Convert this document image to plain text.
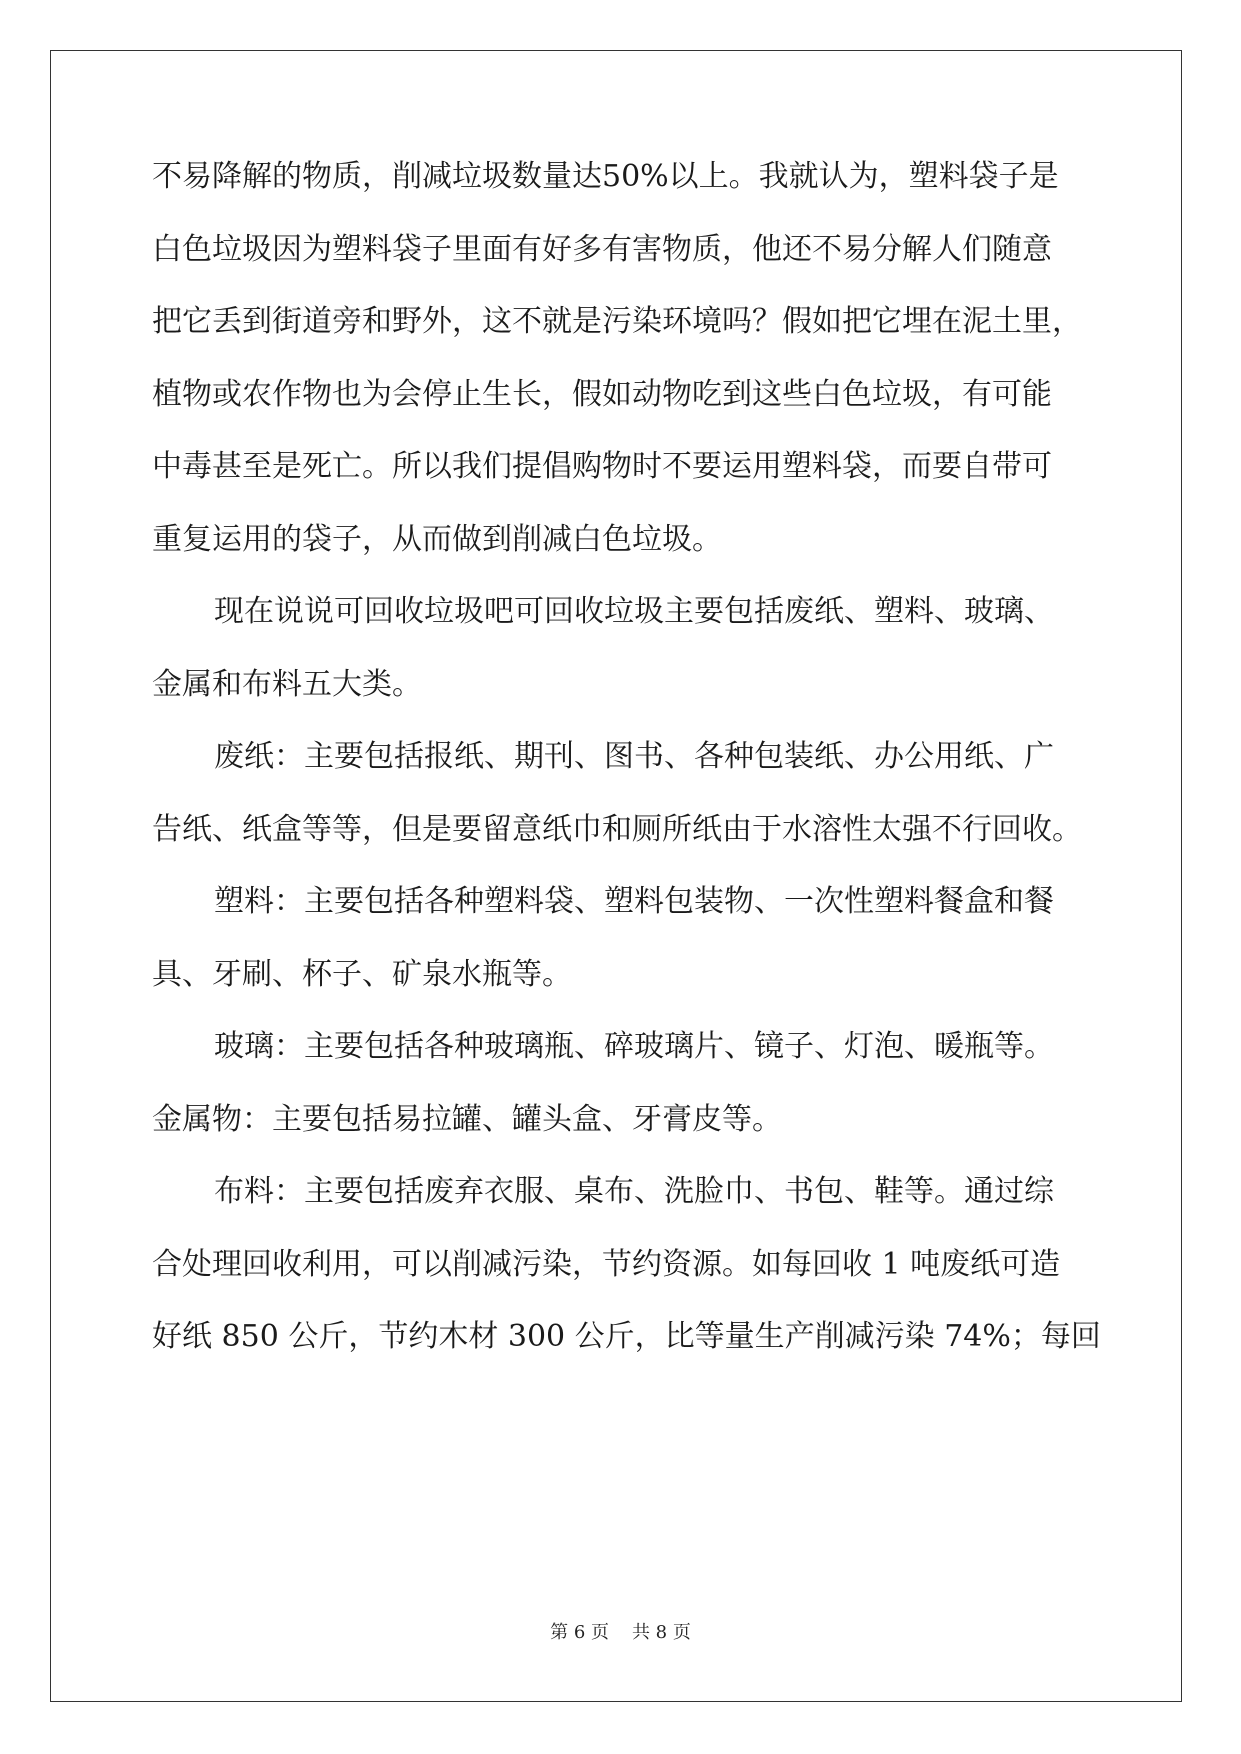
不易降解的物质，削减垃圾数量达50%以上。我就认为，塑料袋子是

白色垃圾因为塑料袋子里面有好多有害物质，他还不易分解人们随意

把它丢到街道旁和野外，这不就是污染环境吗？假如把它埋在泥土里，

植物或农作物也为会停止生长，假如动物吃到这些白色垃圾，有可能

中毒甚至是死亡。所以我们提倡购物时不要运用塑料袋，而要自带可

重复运用的袋子，从而做到削减白色垃圾。

现在说说可回收垃圾吧可回收垃圾主要包括废纸、塑料、玻璃、

金属和布料五大类。

废纸：主要包括报纸、期刊、图书、各种包装纸、办公用纸、广

告纸、纸盒等等，但是要留意纸巾和厕所纸由于水溶性太强不行回收。

塑料：主要包括各种塑料袋、塑料包装物、一次性塑料餐盒和餐

具、牙刷、杯子、矿泉水瓶等。

玻璃：主要包括各种玻璃瓶、碎玻璃片、镜子、灯泡、暖瓶等。

金属物：主要包括易拉罐、罐头盒、牙膏皮等。

布料：主要包括废弃衣服、桌布、洗脸巾、书包、鞋等。通过综

合处理回收利用，可以削减污染，节约资源。如每回收 1 吨废纸可造

好纸 850 公斤，节约木材 300 公斤，比等量生产削减污染 74%；每回

第 6 页    共 8 页
